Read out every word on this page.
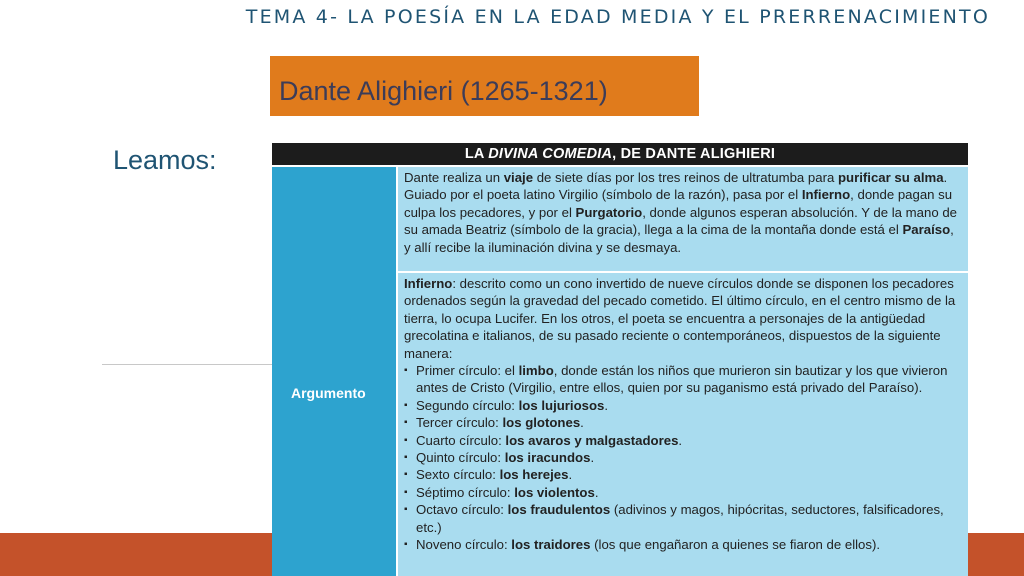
TEMA 4- LA POESÍA EN LA EDAD MEDIA Y EL PRERRENACIMIENTO
Dante Alighieri (1265-1321)
Leamos:	LA DIVINA COMEDIA, DE DANTE ALIGHIERI
Argumento

Dante realiza un viaje de siete días por los tres reinos de ultratumba para purificar su alma. Guiado por el poeta latino Virgilio (símbolo de la razón), pasa por el Infierno, donde pagan su culpa los pecadores, y por el Purgatorio, donde algunos esperan absolución. Y de la mano de su amada Beatriz (símbolo de la gracia), llega a la cima de la montaña donde está el Paraíso, y allí recibe la iluminación divina y se desmaya.

Infierno: descrito como un cono invertido de nueve círculos donde se disponen los pecadores ordenados según la gravedad del pecado cometido. El último círculo, en el centro mismo de la tierra, lo ocupa Lucifer. En los otros, el poeta se encuentra a personajes de la antigüedad grecolatina e italianos, de su pasado reciente o contemporáneos, dispuestos de la siguiente manera:

▪ Primer círculo: el limbo, donde están los niños que murieron sin bautizar y los que vivieron antes de Cristo (Virgilio, entre ellos, quien por su paganismo está privado del Paraíso).
▪ Segundo círculo: los lujuriosos.
▪ Tercer círculo: los glotones.
▪ Cuarto círculo: los avaros y malgastadores.
▪ Quinto círculo: los iracundos.
▪ Sexto círculo: los herejes.
▪ Séptimo círculo: los violentos.
▪ Octavo círculo: los fraudulentos (adivinos y magos, hipócritas, seductores, falsificadores, etc.)
▪ Noveno círculo: los traidores (los que engañaron a quienes se fiaron de ellos).
